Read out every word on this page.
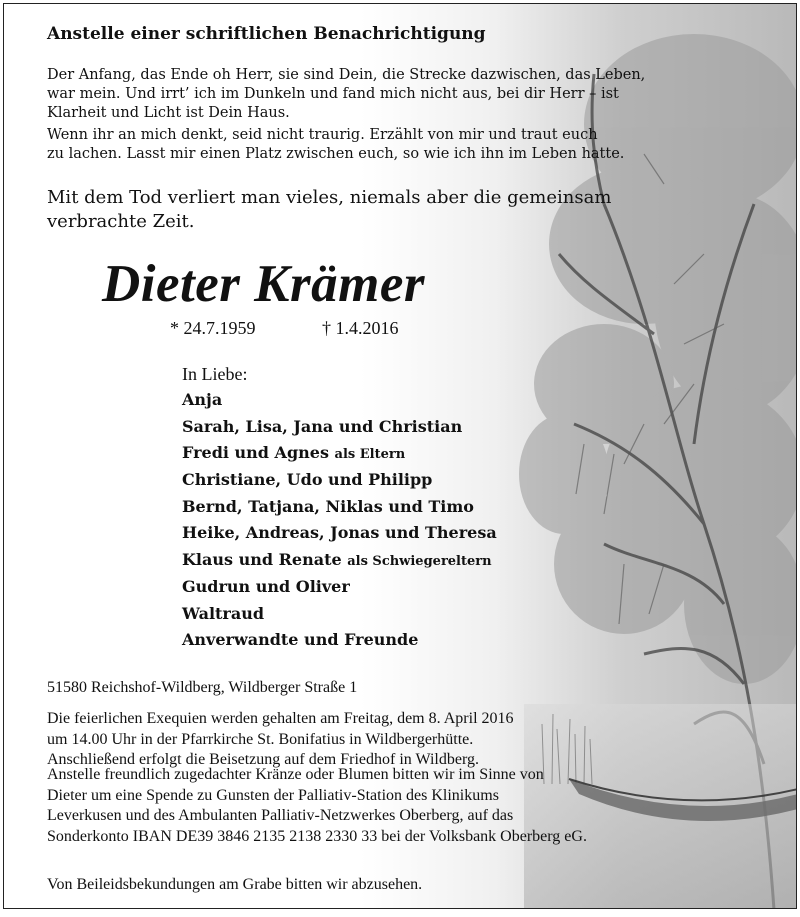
Anstelle einer schriftlichen Benachrichtigung
Der Anfang, das Ende oh Herr, sie sind Dein, die Strecke dazwischen, das Leben,
war mein. Und irrt’ ich im Dunkeln und fand mich nicht aus, bei dir Herr – ist
Klarheit und Licht ist Dein Haus.
Wenn ihr an mich denkt, seid nicht traurig. Erzählt von mir und traut euch
zu lachen. Lasst mir einen Platz zwischen euch, so wie ich ihn im Leben hatte.
Mit dem Tod verliert man vieles, niemals aber die gemeinsam
verbrachte Zeit.
Dieter Krämer
* 24.7.1959	† 1.4.2016
In Liebe:
Anja
Sarah, Lisa, Jana und Christian
Fredi und Agnes als Eltern
Christiane, Udo und Philipp
Bernd, Tatjana, Niklas und Timo
Heike, Andreas, Jonas und Theresa
Klaus und Renate als Schwiegereltern
Gudrun und Oliver
Waltraud
Anverwandte und Freunde
51580 Reichshof-Wildberg, Wildberger Straße 1
Die feierlichen Exequien werden gehalten am Freitag, dem 8. April 2016
um 14.00 Uhr in der Pfarrkirche St. Bonifatius in Wildbergerhütte.
Anschließend erfolgt die Beisetzung auf dem Friedhof in Wildberg.
Anstelle freundlich zugedachter Kränze oder Blumen bitten wir im Sinne von
Dieter um eine Spende zu Gunsten der Palliativ-Station des Klinikums
Leverkusen und des Ambulanten Palliativ-Netzwerkes Oberberg, auf das
Sonderkonto IBAN DE39 3846 2135 2138 2330 33 bei der Volksbank Oberberg eG.
Von Beileidsbekundungen am Grabe bitten wir abzusehen.
